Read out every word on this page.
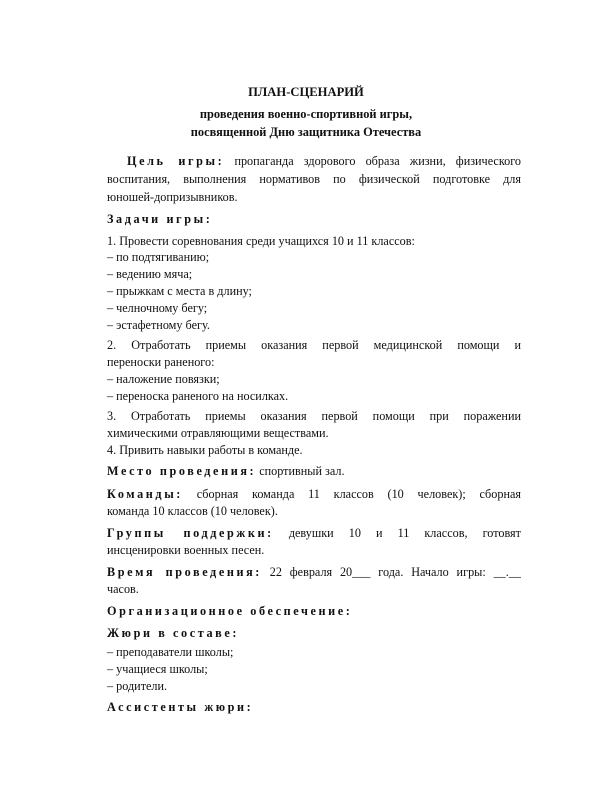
ПЛАН-СЦЕНАРИЙ
проведения военно-спортивной игры,
посвященной Дню защитника Отечества
Цель игры: пропаганда здорового образа жизни, физического
воспитания, выполнения нормативов по физической подготовке для
юношей-допризывников.
Задачи игры:
1. Провести соревнования среди учащихся 10 и 11 классов:
– по подтягиванию;
– ведению мяча;
– прыжкам с места в длину;
– челночному бегу;
– эстафетному бегу.
2. Отработать приемы оказания первой медицинской помощи и
переноски раненого:
– наложение повязки;
– переноска раненого на носилках.
3. Отработать приемы оказания первой помощи при поражении
химическими отравляющими веществами.
4. Привить навыки работы в команде.
Место проведения: спортивный зал.
Команды: сборная команда 11 классов (10 человек); сборная
команда 10 классов (10 человек).
Группы поддержки: девушки 10 и 11 классов, готовят
инсценировки военных песен.
Время проведения: 22 февраля 20___ года. Начало игры: __.__
часов.
Организационное обеспечение:
Жюри в составе:
– преподаватели школы;
– учащиеся школы;
– родители.
Ассистенты жюри:
